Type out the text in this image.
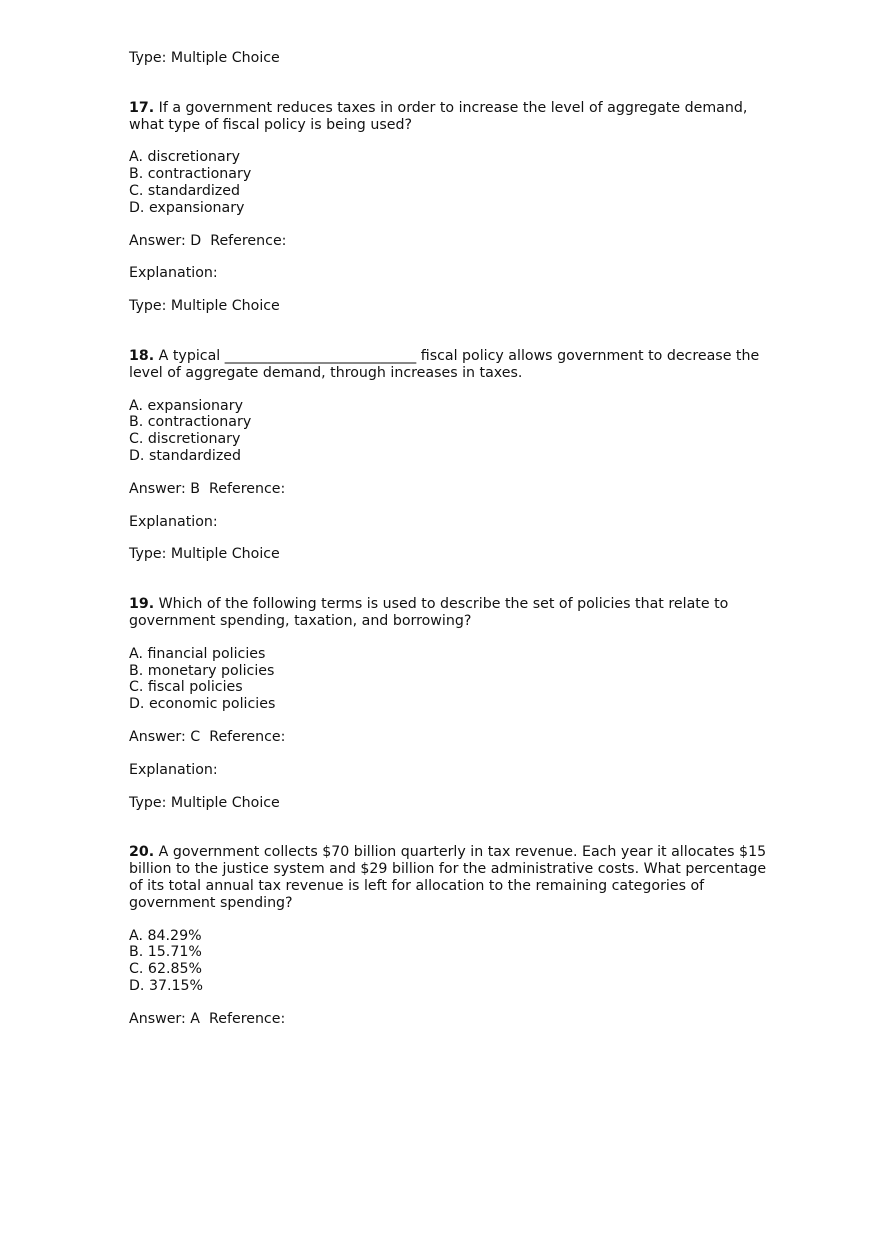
Type: Multiple Choice
17. If a government reduces taxes in order to increase the level of aggregate demand, what type of fiscal policy is being used?
A. discretionary
B. contractionary
C. standardized
D. expansionary
Answer: D  Reference:
Explanation:
Type: Multiple Choice
18. A typical ___________________________ fiscal policy allows government to decrease the level of aggregate demand, through increases in taxes.
A. expansionary
B. contractionary
C. discretionary
D. standardized
Answer: B  Reference:
Explanation:
Type: Multiple Choice
19. Which of the following terms is used to describe the set of policies that relate to government spending, taxation, and borrowing?
A. financial policies
B. monetary policies
C. fiscal policies
D. economic policies
Answer: C  Reference:
Explanation:
Type: Multiple Choice
20. A government collects $70 billion quarterly in tax revenue. Each year it allocates $15 billion to the justice system and $29 billion for the administrative costs. What percentage of its total annual tax revenue is left for allocation to the remaining categories of government spending?
A. 84.29%
B. 15.71%
C. 62.85%
D. 37.15%
Answer: A  Reference:
